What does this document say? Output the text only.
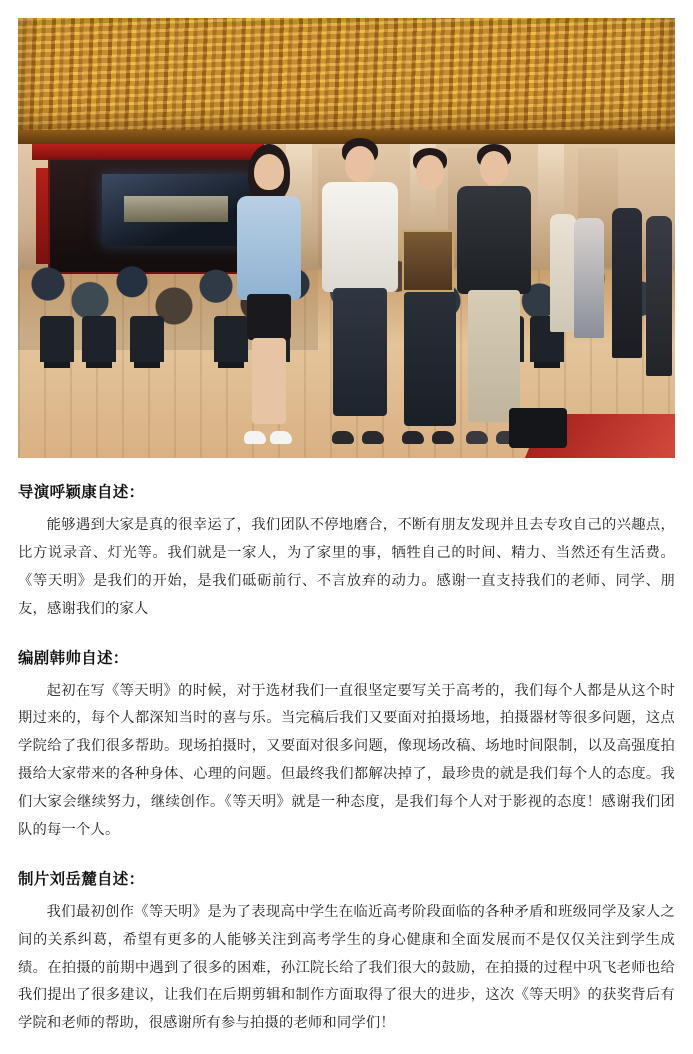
导演呼颖康自述：

能够遇到大家是真的很幸运了，我们团队不停地磨合，不断有朋友发现并且去专攻自己的兴趣点，比方说录音、灯光等。我们就是一家人，为了家里的事，牺牲自己的时间、精力、当然还有生活费。《等天明》是我们的开始，是我们砥砺前行、不言放弃的动力。感谢一直支持我们的老师、同学、朋友，感谢我们的家人

编剧韩帅自述：

起初在写《等天明》的时候，对于选材我们一直很坚定要写关于高考的，我们每个人都是从这个时期过来的，每个人都深知当时的喜与乐。当完稿后我们又要面对拍摄场地，拍摄器材等很多问题，这点学院给了我们很多帮助。现场拍摄时，又要面对很多问题，像现场改稿、场地时间限制，以及高强度拍摄给大家带来的各种身体、心理的问题。但最终我们都解决掉了，最珍贵的就是我们每个人的态度。我们大家会继续努力，继续创作。《等天明》就是一种态度，是我们每个人对于影视的态度！感谢我们团队的每一个人。

制片刘岳麓自述：

我们最初创作《等天明》是为了表现高中学生在临近高考阶段面临的各种矛盾和班级同学及家人之间的关系纠葛，希望有更多的人能够关注到高考学生的身心健康和全面发展而不是仅仅关注到学生成绩。在拍摄的前期中遇到了很多的困难，孙江院长给了我们很大的鼓励，在拍摄的过程中巩飞老师也给我们提出了很多建议，让我们在后期剪辑和制作方面取得了很大的进步，这次《等天明》的获奖背后有学院和老师的帮助，很感谢所有参与拍摄的老师和同学们！
